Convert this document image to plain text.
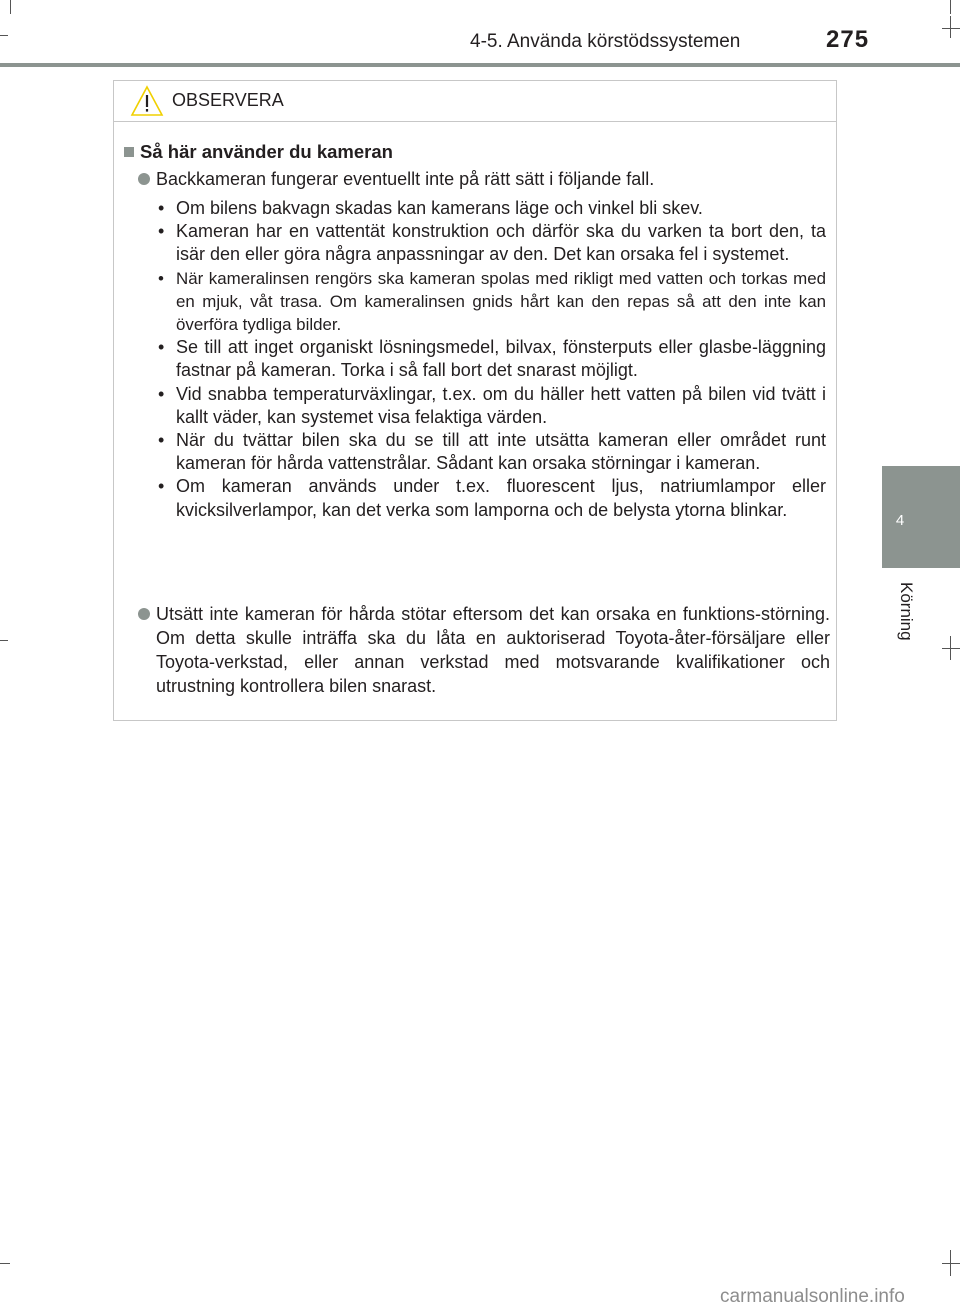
4-5. Använda körstödssystemen	275
4
Körning
OBSERVERA
Så här använder du kameran
Backkameran fungerar eventuellt inte på rätt sätt i följande fall.
• Om bilens bakvagn skadas kan kamerans läge och vinkel bli skev.
• Kameran har en vattentät konstruktion och därför ska du varken ta bort den, ta isär den eller göra några anpassningar av den. Det kan orsaka fel i systemet.
• När kameralinsen rengörs ska kameran spolas med rikligt med vatten och torkas med en mjuk, våt trasa. Om kameralinsen gnids hårt kan den repas så att den inte kan överföra tydliga bilder.
• Se till att inget organiskt lösningsmedel, bilvax, fönsterputs eller glasbe-läggning fastnar på kameran. Torka i så fall bort det snarast möjligt.
• Vid snabba temperaturväxlingar, t.ex. om du häller hett vatten på bilen vid tvätt i kallt väder, kan systemet visa felaktiga värden.
• När du tvättar bilen ska du se till att inte utsätta kameran eller området runt kameran för hårda vattenstrålar. Sådant kan orsaka störningar i kameran.
• Om kameran används under t.ex. fluorescent ljus, natriumlampor eller kvicksilverlampor, kan det verka som lamporna och de belysta ytorna blinkar.
Utsätt inte kameran för hårda stötar eftersom det kan orsaka en funktions-störning. Om detta skulle inträffa ska du låta en auktoriserad Toyota-åter-försäljare eller Toyota-verkstad, eller annan verkstad med motsvarande kvalifikationer och utrustning kontrollera bilen snarast.
carmanualsonline.info
